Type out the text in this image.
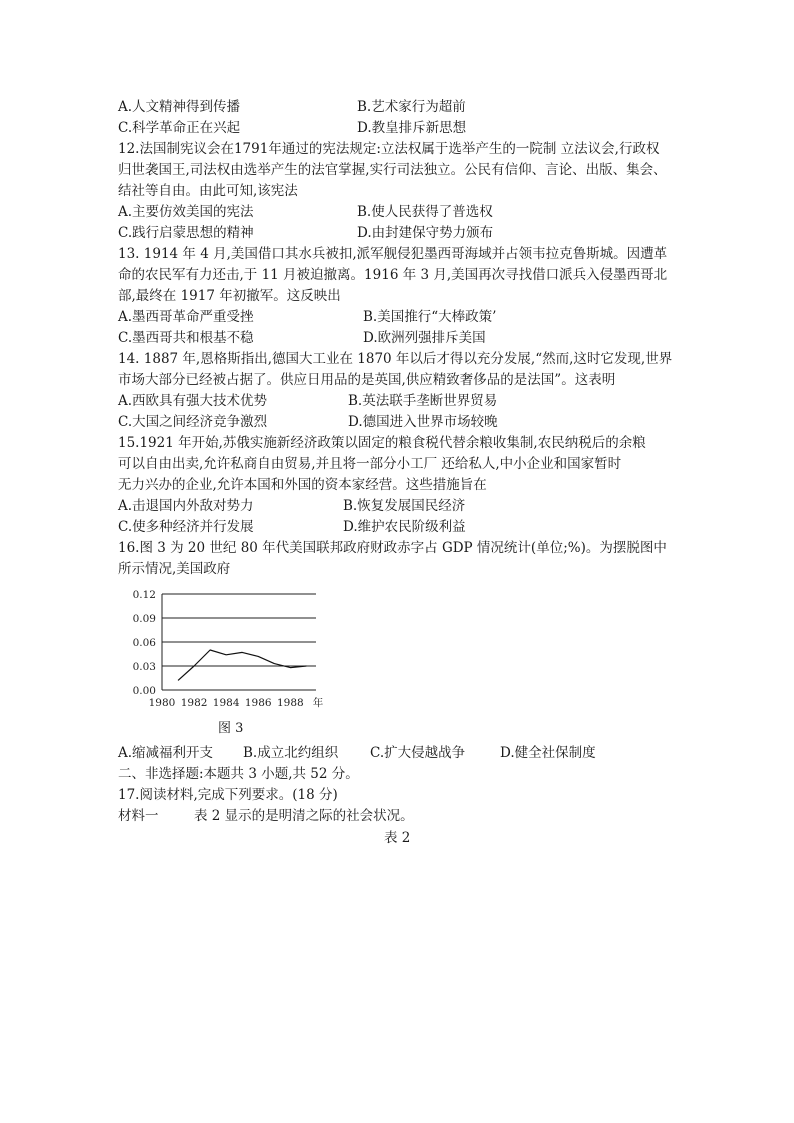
A.人文精神得到传播	B.艺术家行为超前
C.科学革命正在兴起	D.教皇排斥新思想
12.法国制宪议会在1791年通过的宪法规定:立法权属于选举产生的一院制 立法议会,行政权
归世袭国王,司法权由选举产生的法官掌握,实行司法独立。公民有信仰、言论、出版、集会、
结社等自由。由此可知,该宪法
A.主要仿效美国的宪法	B.使人民获得了普选权
C.践行启蒙思想的精神	D.由封建保守势力颁布
13. 1914 年 4 月,美国借口其水兵被扣,派军舰侵犯墨西哥海域并占领韦拉克鲁斯城。因遭革
命的农民军有力还击,于 11 月被迫撤离。1916 年 3 月,美国再次寻找借口派兵入侵墨西哥北
部,最终在 1917 年初撤军。这反映出
A.墨西哥革命严重受挫	B.美国推行“大棒政策’
C.墨西哥共和根基不稳	D.欧洲列强排斥美国
14. 1887 年,恩格斯指出,德国大工业在 1870 年以后才得以充分发展,“然而,这时它发现,世界
市场大部分已经被占据了。供应日用品的是英国,供应精致奢侈品的是法国”。这表明
A.西欧具有强大技术优势	B.英法联手垄断世界贸易
C.大国之间经济竞争激烈	D.德国进入世界市场较晚
15.1921 年开始,苏俄实施新经济政策以固定的粮食税代替余粮收集制,农民纳税后的余粮
可以自由出卖,允许私商自由贸易,并且将一部分小工厂 还给私人,中小企业和国家暂时
无力兴办的企业,允许本国和外国的资本家经营。这些措施旨在
A.击退国内外敌对势力	B.恢复发展国民经济
C.使多种经济并行发展	D.维护农民阶级利益
16.图 3 为 20 世纪 80 年代美国联邦政府财政赤字占 GDP 情况统计(单位;%)。为摆脱图中
所示情况,美国政府
0.12
0.09
0.06
0.03
0.00
1980 1982 1984 1986 1988 年
图 3
A.缩减福利开支 B.成立北约组织 C.扩大侵越战争	D.健全社保制度
二、非选择题:本题共 3 小题,共 52 分。
17.阅读材料,完成下列要求。(18 分)
材料一	表 2 显示的是明清之际的社会状况。
表 2
